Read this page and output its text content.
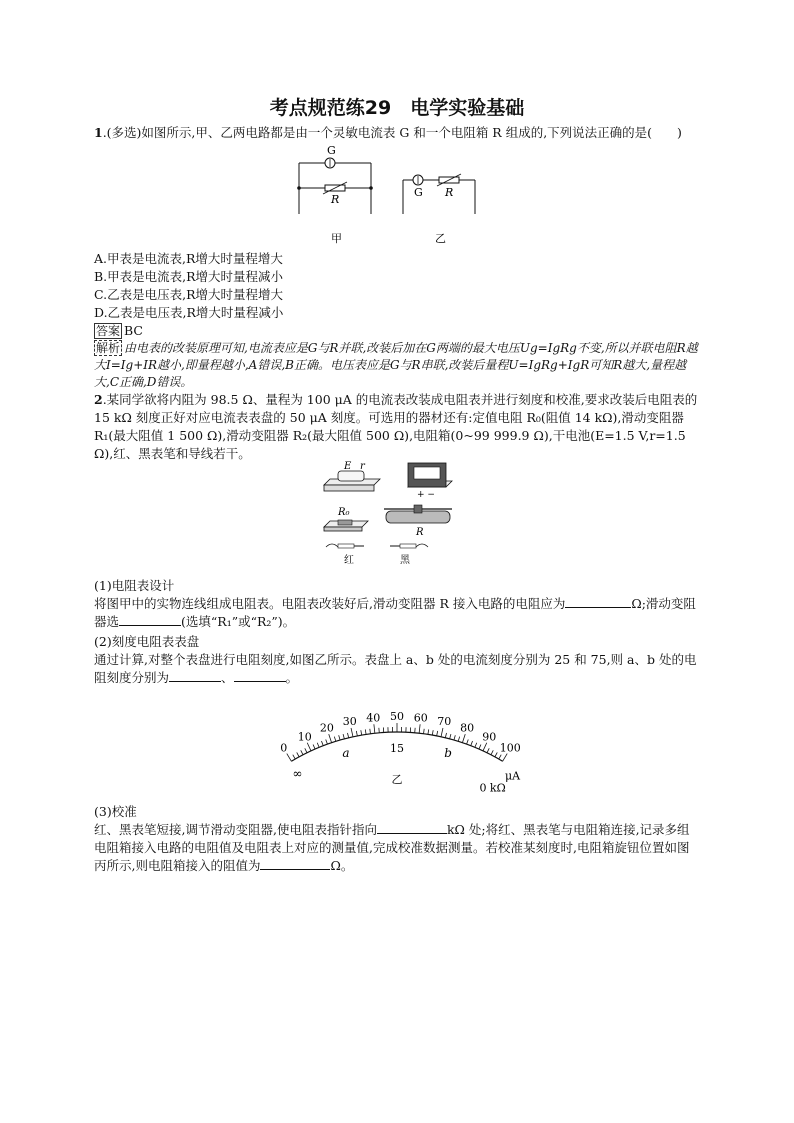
考点规范练29　电学实验基础

1.(多选)如图所示,甲、乙两电路都是由一个灵敏电流表 G 和一个电阻箱 R 组成的,下列说法正确的是(　　)

G
R
甲
G R
乙

A.甲表是电流表,R增大时量程增大

B.甲表是电流表,R增大时量程减小

C.乙表是电压表,R增大时量程增大

D.乙表是电压表,R增大时量程减小

答案 BC

解析 由电表的改装原理可知,电流表应是G与R并联,改装后加在G两端的最大电压Ug=IgRg不变,所以并联电阻R越大I=Ig+IR越小,即量程越小,A错误,B正确。电压表应是G与R串联,改装后量程U=IgRg+IgR可知R越大,量程越大,C正确,D错误。

2.某同学欲将内阻为 98.5 Ω、量程为 100 μA 的电流表改装成电阻表并进行刻度和校准,要求改装后电阻表的 15 kΩ 刻度正好对应电流表表盘的 50 μA 刻度。可选用的器材还有:定值电阻 R₀(阻值 14 kΩ),滑动变阻器 R₁(最大阻值 1 500 Ω),滑动变阻器 R₂(最大阻值 500 Ω),电阻箱(0~99 999.9 Ω),干电池(E=1.5 V,r=1.5 Ω),红、黑表笔和导线若干。

E r
+ −
R₀
R
红	黑

(1)电阻表设计

将图甲中的实物连线组成电阻表。电阻表改装好后,滑动变阻器 R 接入电路的电阻应为	Ω;滑动变阻器选	(选填“R₁”或“R₂”)。

(2)刻度电阻表表盘

通过计算,对整个表盘进行电阻刻度,如图乙所示。表盘上 a、b 处的电流刻度分别为 25 和 75,则 a、b 处的电阻刻度分别为	、	。

0
10
20 30 40 50 60 70 80
90
100
μA
a	15	b
∞
0 kΩ
乙

(3)校准

红、黑表笔短接,调节滑动变阻器,使电阻表指针指向	kΩ 处;将红、黑表笔与电阻箱连接,记录多组电阻箱接入电路的电阻值及电阻表上对应的测量值,完成校准数据测量。若校准某刻度时,电阻箱旋钮位置如图丙所示,则电阻箱接入的阻值为	Ω。
